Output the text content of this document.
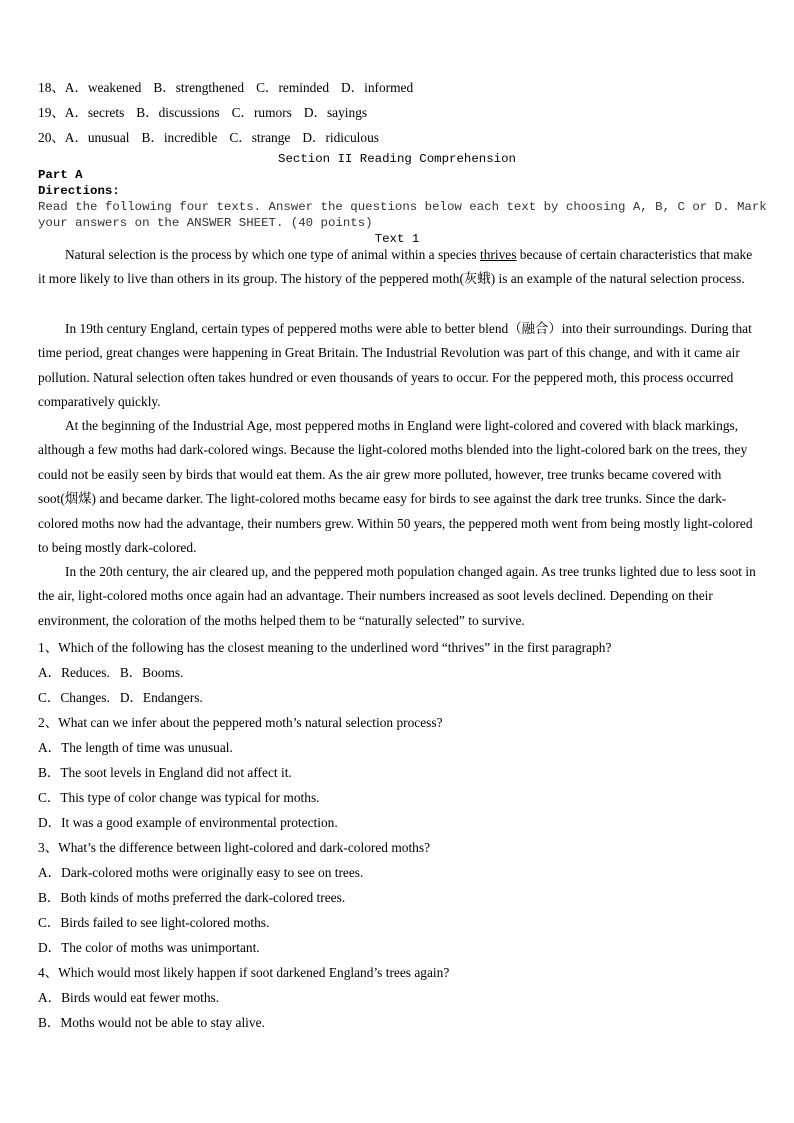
18、A．weakened B．strengthened C．reminded D．informed
19、A．secrets B．discussions C．rumors D．sayings
20、A．unusual B．incredible C．strange D．ridiculous
Section II Reading Comprehension
Part A
Directions:
Read the following four texts. Answer the questions below each text by choosing A, B, C or D. Mark
your answers on the ANSWER SHEET. (40 points)
Text 1
Natural selection is the process by which one type of animal within a species thrives because of certain characteristics that make it more likely to live than others in its group. The history of the peppered moth(灰蛾) is an example of the natural selection process.
In 19th century England, certain types of peppered moths were able to better blend（融合）into their surroundings. During that time period, great changes were happening in Great Britain. The Industrial Revolution was part of this change, and with it came air pollution. Natural selection often takes hundred or even thousands of years to occur. For the peppered moth, this process occurred comparatively quickly.
At the beginning of the Industrial Age, most peppered moths in England were light-colored and covered with black markings, although a few moths had dark-colored wings. Because the light-colored moths blended into the light-colored bark on the trees, they could not be easily seen by birds that would eat them. As the air grew more polluted, however, tree trunks became covered with soot(烟煤) and became darker. The light-colored moths became easy for birds to see against the dark tree trunks. Since the dark-colored moths now had the advantage, their numbers grew. Within 50 years, the peppered moth went from being mostly light-colored to being mostly dark-colored.
In the 20th century, the air cleared up, and the peppered moth population changed again. As tree trunks lighted due to less soot in the air, light-colored moths once again had an advantage. Their numbers increased as soot levels declined. Depending on their environment, the coloration of the moths helped them to be “naturally selected” to survive.
1、Which of the following has the closest meaning to the underlined word “thrives” in the first paragraph?
A．Reduces. B．Booms.
C．Changes. D．Endangers.
2、What can we infer about the peppered moth’s natural selection process?
A．The length of time was unusual.
B．The soot levels in England did not affect it.
C．This type of color change was typical for moths.
D．It was a good example of environmental protection.
3、What’s the difference between light-colored and dark-colored moths?
A．Dark-colored moths were originally easy to see on trees.
B．Both kinds of moths preferred the dark-colored trees.
C．Birds failed to see light-colored moths.
D．The color of moths was unimportant.
4、Which would most likely happen if soot darkened England’s trees again?
A．Birds would eat fewer moths.
B．Moths would not be able to stay alive.
